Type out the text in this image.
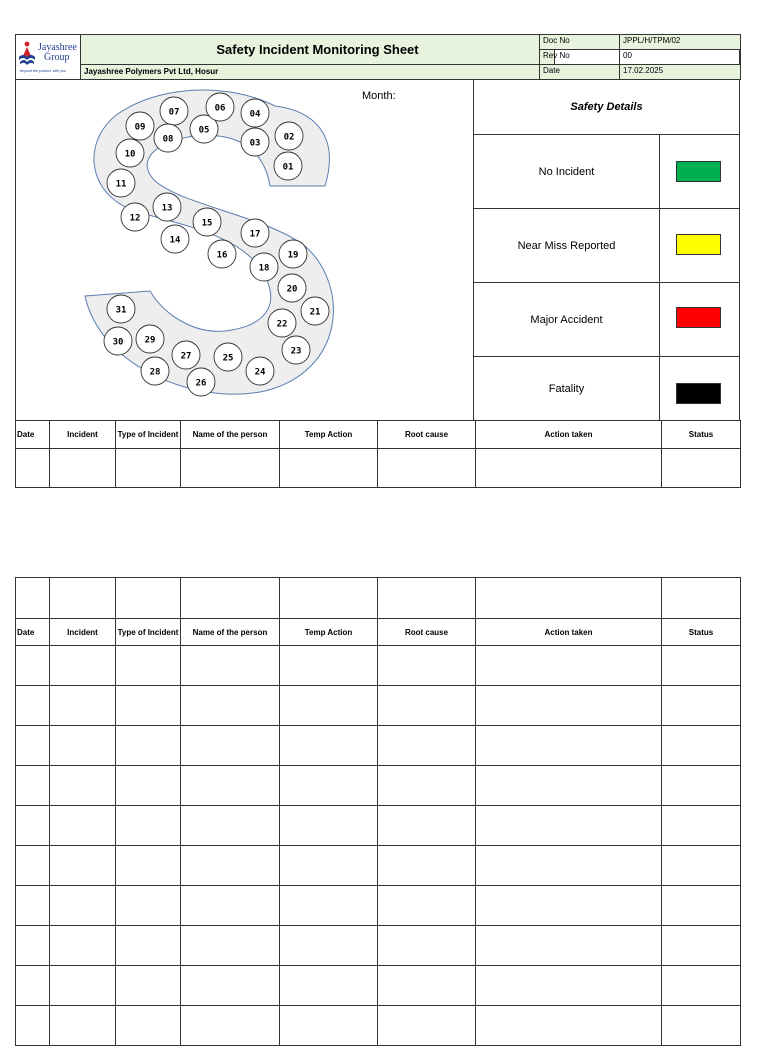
Jayashree
Group
beyond the product, with you
Safety Incident Monitoring Sheet
Jayashree Polymers Pvt Ltd, Hosur
Doc No	JPPL/H/TPM/02
Rev No	00
Date	17.02.2025
01
02
03
04
05
06
07
08
09
10
11
12
13
14
15
16
17
18
19
20
21
22
23
24
25
26
27
28
29
30
31
Month:
Safety Details
No Incident
Near Miss Reported
Major Accident
Fatality
Date	Incident	Type of Incident	Name of the person	Temp Action	Root cause	Action taken	Status

Date	Incident	Type of Incident	Name of the person	Temp Action	Root cause	Action taken	Status
